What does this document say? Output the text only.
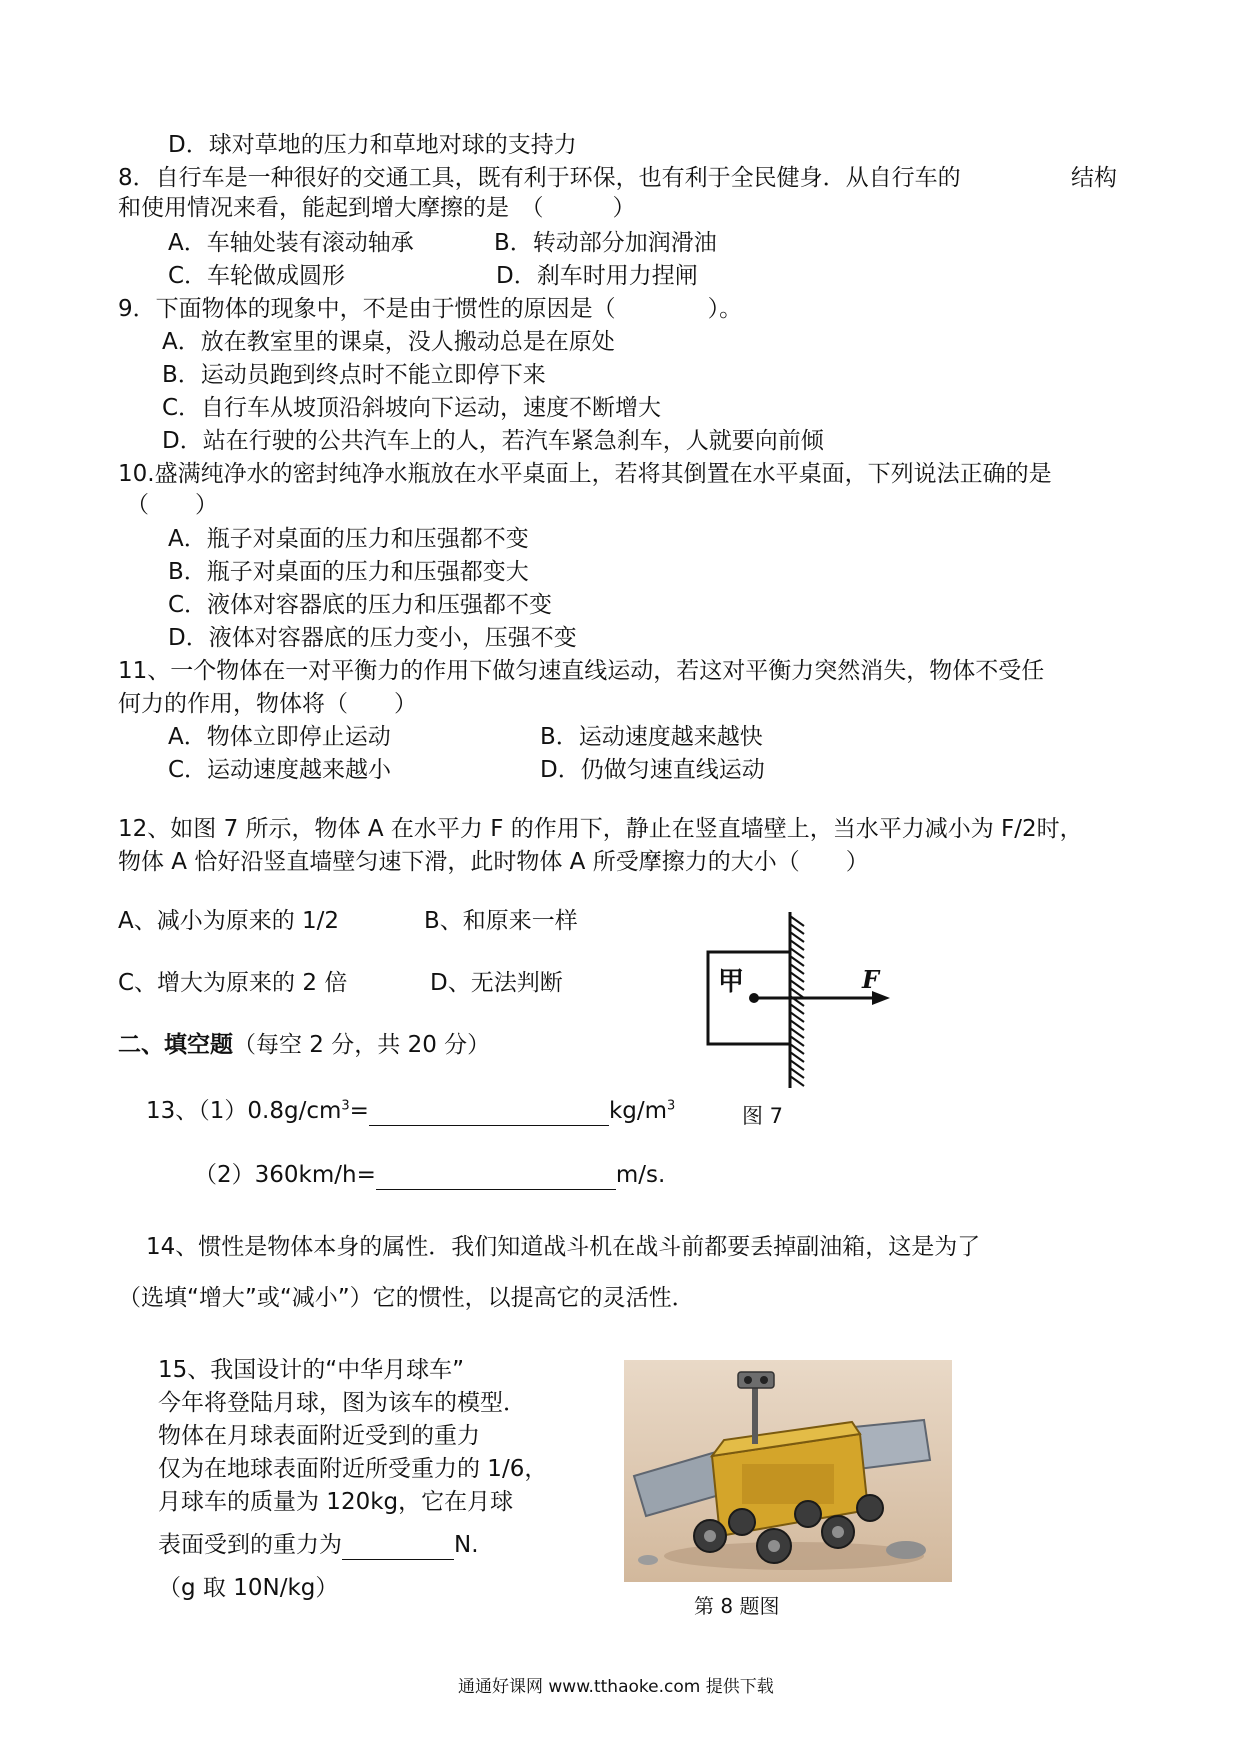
D．球对草地的压力和草地对球的支持力
8．自行车是一种很好的交通工具，既有利于环保，也有利于全民健身．从自行车的	结构
和使用情况来看，能起到增大摩擦的是　（　　　）
A．车轴处装有滚动轴承	B．转动部分加润滑油
C．车轮做成圆形	D．刹车时用力捏闸
9．下面物体的现象中，不是由于惯性的原因是（　　　　）。
A．放在教室里的课桌，没人搬动总是在原处
B．运动员跑到终点时不能立即停下来
C．自行车从坡顶沿斜坡向下运动，速度不断增大
D．站在行驶的公共汽车上的人，若汽车紧急刹车，人就要向前倾
10.盛满纯净水的密封纯净水瓶放在水平桌面上，若将其倒置在水平桌面，下列说法正确的是
（　　）
A．瓶子对桌面的压力和压强都不变
B．瓶子对桌面的压力和压强都变大
C．液体对容器底的压力和压强都不变
D．液体对容器底的压力变小，压强不变
11、一个物体在一对平衡力的作用下做匀速直线运动，若这对平衡力突然消失，物体不受任
何力的作用，物体将（　　）
A．物体立即停止运动	B．运动速度越来越快
C．运动速度越来越小	D．仍做匀速直线运动
12、如图 7 所示，物体 A 在水平力 F 的作用下，静止在竖直墙壁上，当水平力减小为 F/2时，
物体 A 恰好沿竖直墙壁匀速下滑，此时物体 A 所受摩擦力的大小（　　）
A、减小为原来的 1/2	B、和原来一样
C、增大为原来的 2 倍	D、无法判断	甲	F
图 7
二、填空题（每空 2 分，共 20 分）
13、$(1)0.8g/cm^3=$	$kg/m^3$
（2）360km/h=	m/s.
14、惯性是物体本身的属性．我们知道战斗机在战斗前都要丢掉副油箱，这是为了
（选填“增大”或“减小”）它的惯性，以提高它的灵活性．
15、我国设计的“中华月球车”
今年将登陆月球，图为该车的模型．
物体在月球表面附近受到的重力
仅为在地球表面附近所受重力的 1/6，
月球车的质量为 120kg，它在月球
表面受到的重力为	N.
（g 取 10N/kg）
第 8 题图
通通好课网 www.tthaoke.com 提供下载
